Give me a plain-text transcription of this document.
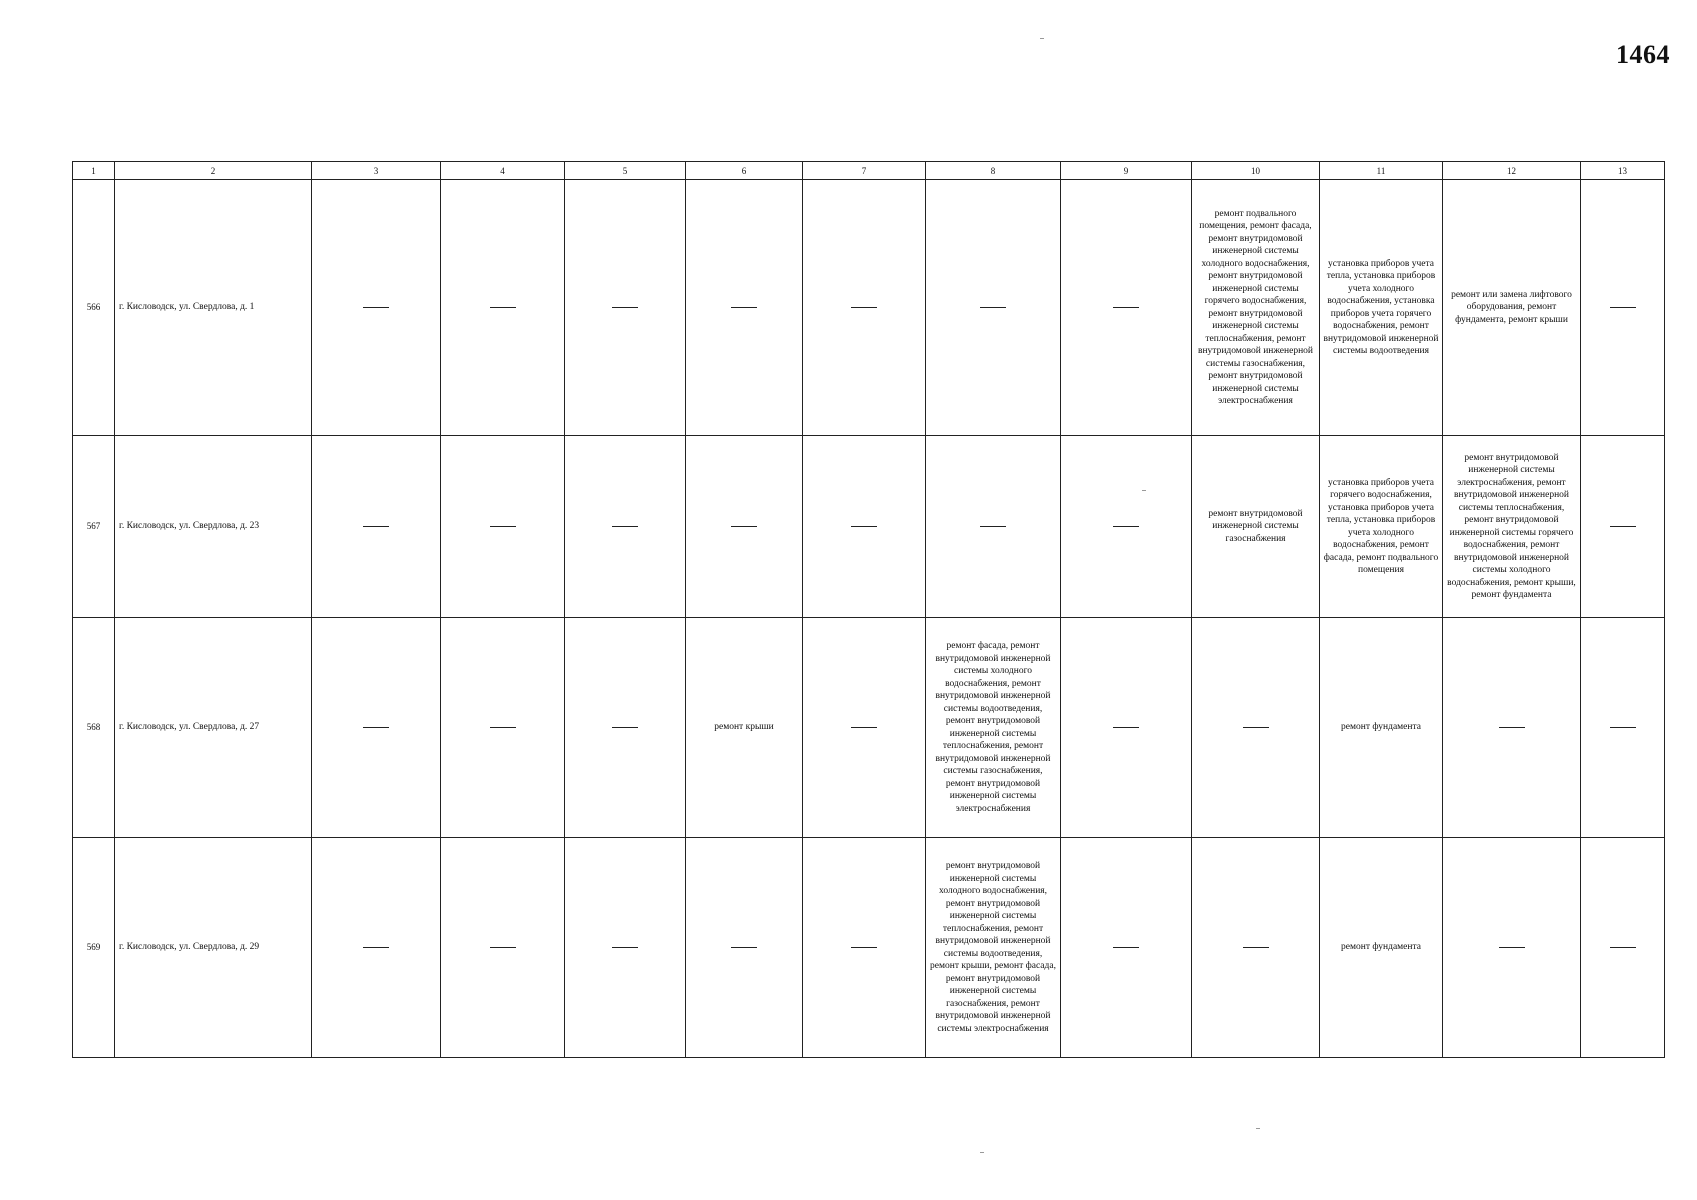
1464
1	2	3	4	5	6	7	8	9	10	11	12	13
566	г. Кисловодск, ул. Свердлова, д. 1								ремонт подвального помещения, ремонт фасада, ремонт внутридомовой инженерной системы холодного водоснабжения, ремонт внутридомовой инженерной системы горячего водоснабжения, ремонт внутридомовой инженерной системы теплоснабжения, ремонт внутридомовой инженерной системы газоснабжения, ремонт внутридомовой инженерной системы электроснабжения	установка приборов учета тепла, установка приборов учета холодного водоснабжения, установка приборов учета горячего водоснабжения, ремонт внутридомовой инженерной системы водоотведения	ремонт или замена лифтового оборудования, ремонт фундамента, ремонт крыши	
567	г. Кисловодск, ул. Свердлова, д. 23								ремонт внутридомовой инженерной системы газоснабжения	установка приборов учета горячего водоснабжения, установка приборов учета тепла, установка приборов учета холодного водоснабжения, ремонт фасада, ремонт подвального помещения	ремонт внутридомовой инженерной системы электроснабжения, ремонт внутридомовой инженерной системы теплоснабжения, ремонт внутридомовой инженерной системы горячего водоснабжения, ремонт внутридомовой инженерной системы холодного водоснабжения, ремонт крыши, ремонт фундамента	
568	г. Кисловодск, ул. Свердлова, д. 27				ремонт крыши		ремонт фасада, ремонт внутридомовой инженерной системы холодного водоснабжения, ремонт внутридомовой инженерной системы водоотведения, ремонт внутридомовой инженерной системы теплоснабжения, ремонт внутридомовой инженерной системы газоснабжения, ремонт внутридомовой инженерной системы электроснабжения			ремонт фундамента		
569	г. Кисловодск, ул. Свердлова, д. 29						ремонт внутридомовой инженерной системы холодного водоснабжения, ремонт внутридомовой инженерной системы теплоснабжения, ремонт внутридомовой инженерной системы водоотведения, ремонт крыши, ремонт фасада, ремонт внутридомовой инженерной системы газоснабжения, ремонт внутридомовой инженерной системы электроснабжения			ремонт фундамента		
